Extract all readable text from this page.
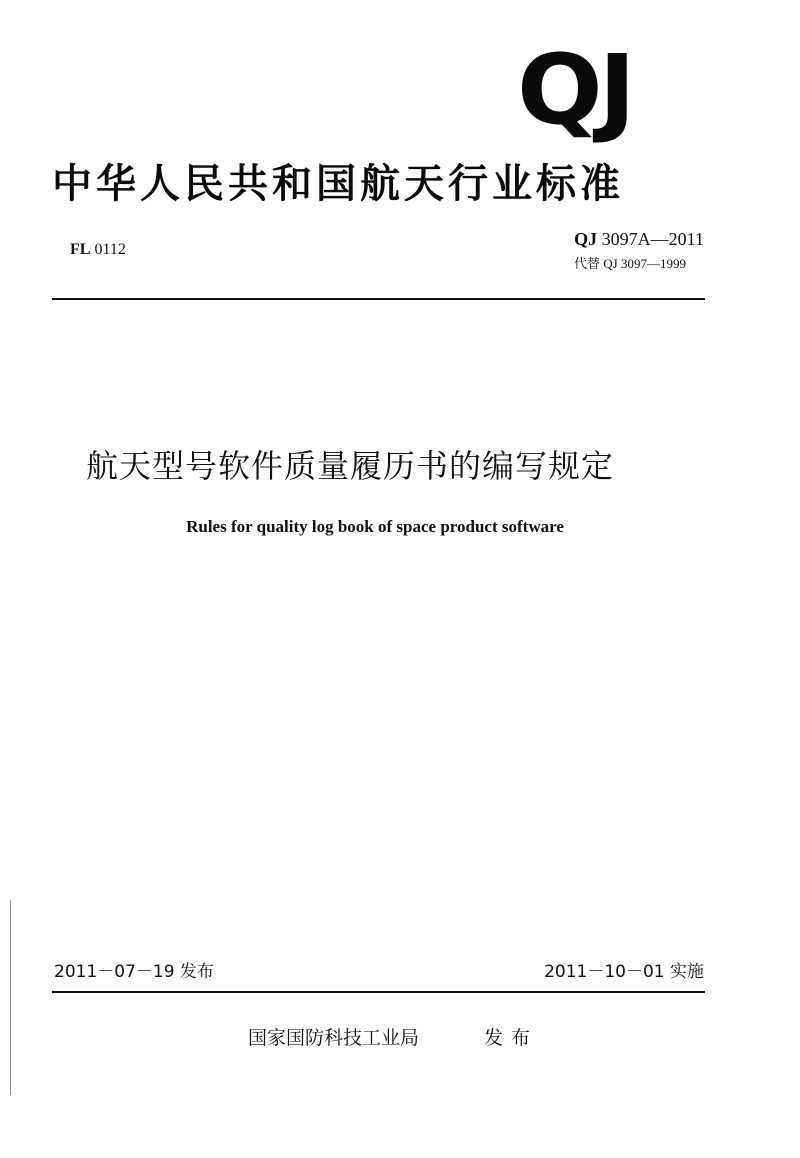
QJ
中华人民共和国航天行业标准
FL 0112
QJ 3097A—2011
代替 QJ 3097—1999
航天型号软件质量履历书的编写规定
Rules for quality log book of space product software
2011－07－19 发布	2011－10－01 实施
国家国防科技工业局	发布
